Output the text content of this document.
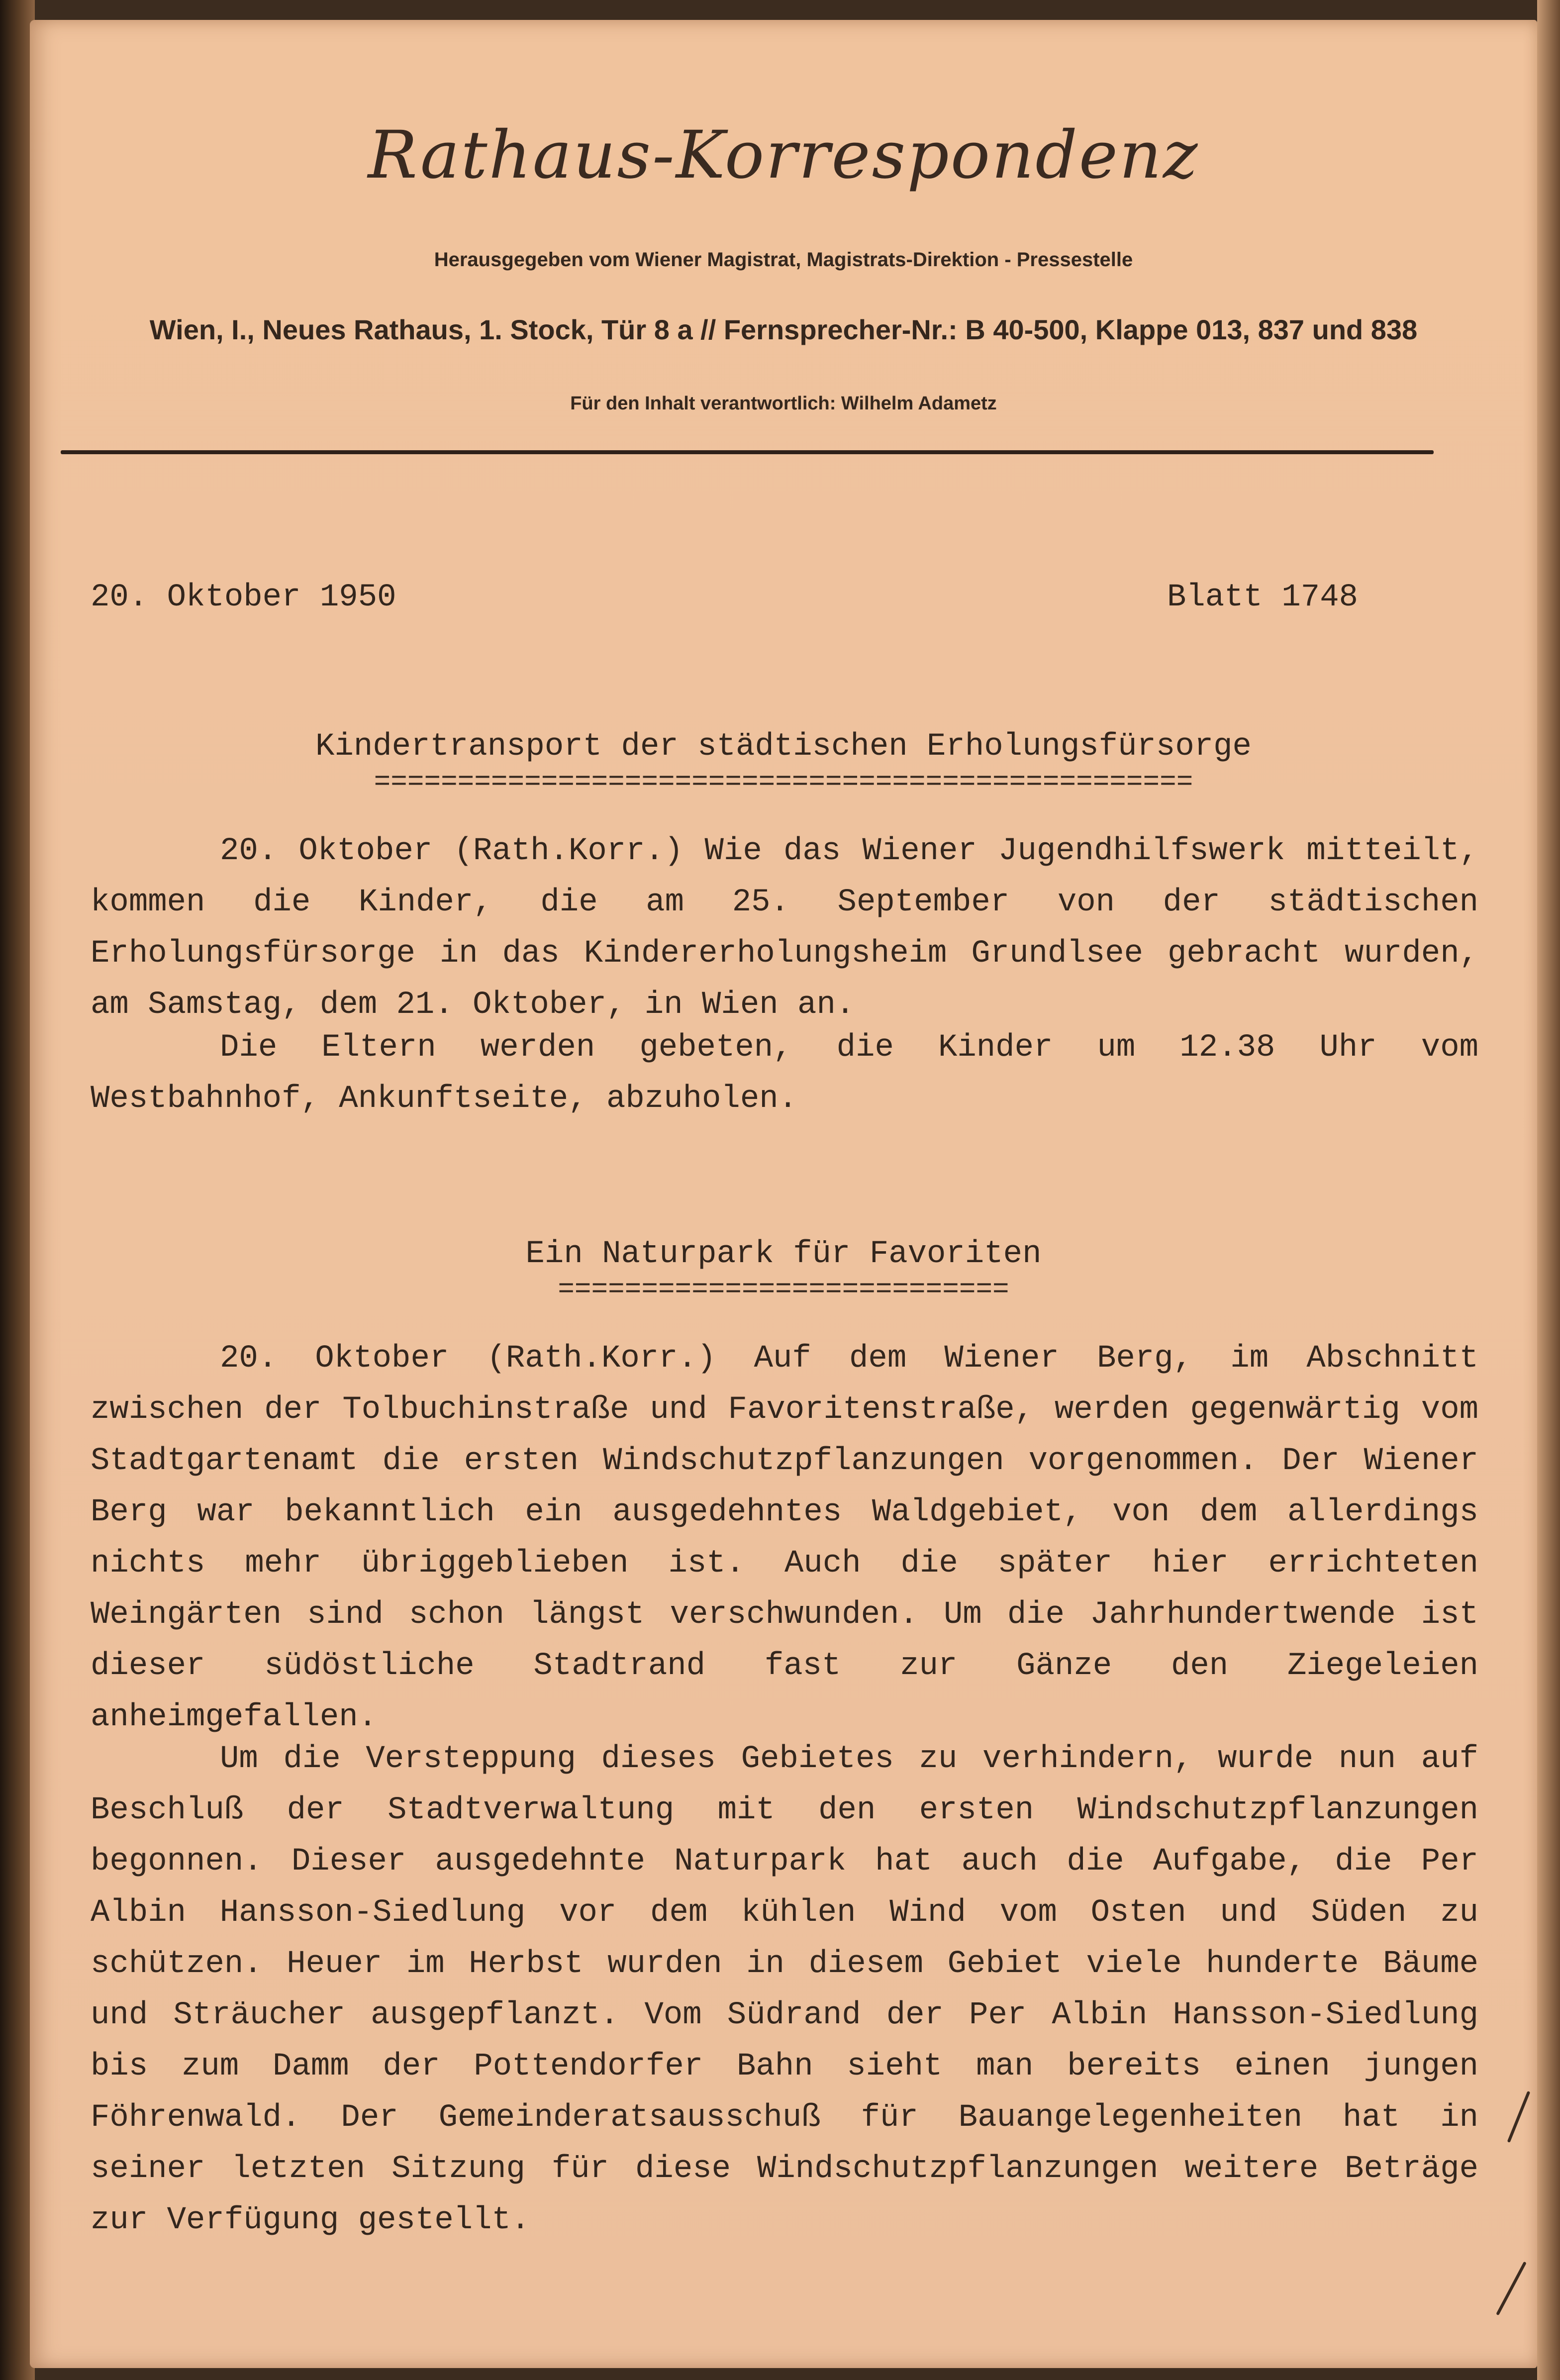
Rathaus-Korrespondenz
Herausgegeben vom Wiener Magistrat, Magistrats-Direktion - Pressestelle
Wien, I., Neues Rathaus, 1. Stock, Tür 8 a // Fernsprecher-Nr.: B 40-500, Klappe 013, 837 und 838
Für den Inhalt verantwortlich: Wilhelm Adametz
20. Oktober 1950	Blatt 1748
Kindertransport der städtischen Erholungsfürsorge
=================================================
20. Oktober (Rath.Korr.) Wie das Wiener Jugendhilfswerk mitteilt, kommen die Kinder, die am 25. September von der städtischen Erholungsfürsorge in das Kindererholungsheim Grundlsee gebracht wurden, am Samstag, dem 21. Oktober, in Wien an.
Die Eltern werden gebeten, die Kinder um 12.38 Uhr vom Westbahnhof, Ankunftseite, abzuholen.
Ein Naturpark für Favoriten
===========================
20. Oktober (Rath.Korr.) Auf dem Wiener Berg, im Abschnitt zwischen der Tolbuchinstraße und Favoritenstraße, werden gegenwärtig vom Stadtgartenamt die ersten Windschutzpflanzungen vorgenommen. Der Wiener Berg war bekanntlich ein ausgedehntes Waldgebiet, von dem allerdings nichts mehr übriggeblieben ist. Auch die später hier errichteten Weingärten sind schon längst verschwunden. Um die Jahrhundertwende ist dieser südöstliche Stadtrand fast zur Gänze den Ziegeleien anheimgefallen.
Um die Versteppung dieses Gebietes zu verhindern, wurde nun auf Beschluß der Stadtverwaltung mit den ersten Windschutzpflanzungen begonnen. Dieser ausgedehnte Naturpark hat auch die Aufgabe, die Per Albin Hansson-Siedlung vor dem kühlen Wind vom Osten und Süden zu schützen. Heuer im Herbst wurden in diesem Gebiet viele hunderte Bäume und Sträucher ausgepflanzt. Vom Südrand der Per Albin Hansson-Siedlung bis zum Damm der Pottendorfer Bahn sieht man bereits einen jungen Föhrenwald. Der Gemeinderatsausschuß für Bauangelegenheiten hat in seiner letzten Sitzung für diese Windschutzpflanzungen weitere Beträge zur Verfügung gestellt.
